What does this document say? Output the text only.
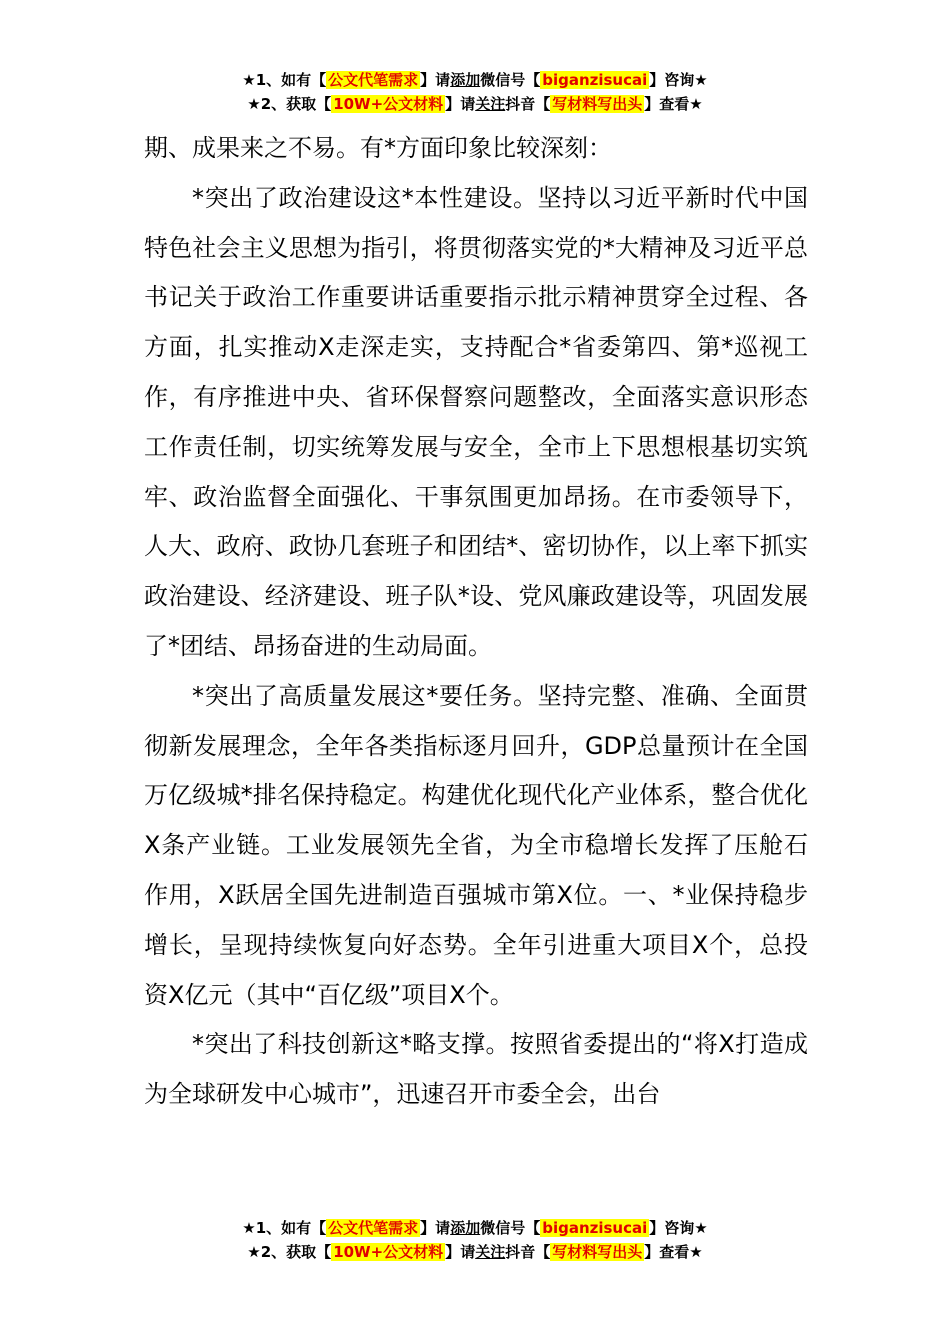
★1、如有【 公文代笔需求 】请添加微信号【 biganzisucai 】咨询★
★2、获取【 10W+公文材料 】请关注抖音【 写材料写出头 】查看★

期、成果来之不易。有*方面印象比较深刻：

*突出了政治建设这*本性建设。坚持以习近平新时代中国特色社会主义思想为指引，将贯彻落实党的*大精神及习近平总书记关于政治工作重要讲话重要指示批示精神贯穿全过程、各方面，扎实推动X走深走实，支持配合*省委第四、第*巡视工作，有序推进中央、省环保督察问题整改，全面落实意识形态工作责任制，切实统筹发展与安全，全市上下思想根基切实筑牢、政治监督全面强化、干事氛围更加昂扬。在市委领导下，人大、政府、政协几套班子和团结*、密切协作，以上率下抓实政治建设、经济建设、班子队*设、党风廉政建设等，巩固发展了*团结、昂扬奋进的生动局面。

*突出了高质量发展这*要任务。坚持完整、准确、全面贯彻新发展理念，全年各类指标逐月回升，GDP总量预计在全国万亿级城*排名保持稳定。构建优化现代化产业体系，整合优化X条产业链。工业发展领先全省，为全市稳增长发挥了压舱石作用，X跃居全国先进制造百强城市第X位。一、*业保持稳步增长，呈现持续恢复向好态势。全年引进重大项目X个，总投资X亿元（其中“百亿级”项目X个。

*突出了科技创新这*略支撑。按照省委提出的“将X打造成为全球研发中心城市”，迅速召开市委全会，出台

★1、如有【 公文代笔需求 】请添加微信号【 biganzisucai 】咨询★
★2、获取【 10W+公文材料 】请关注抖音【 写材料写出头 】查看★
